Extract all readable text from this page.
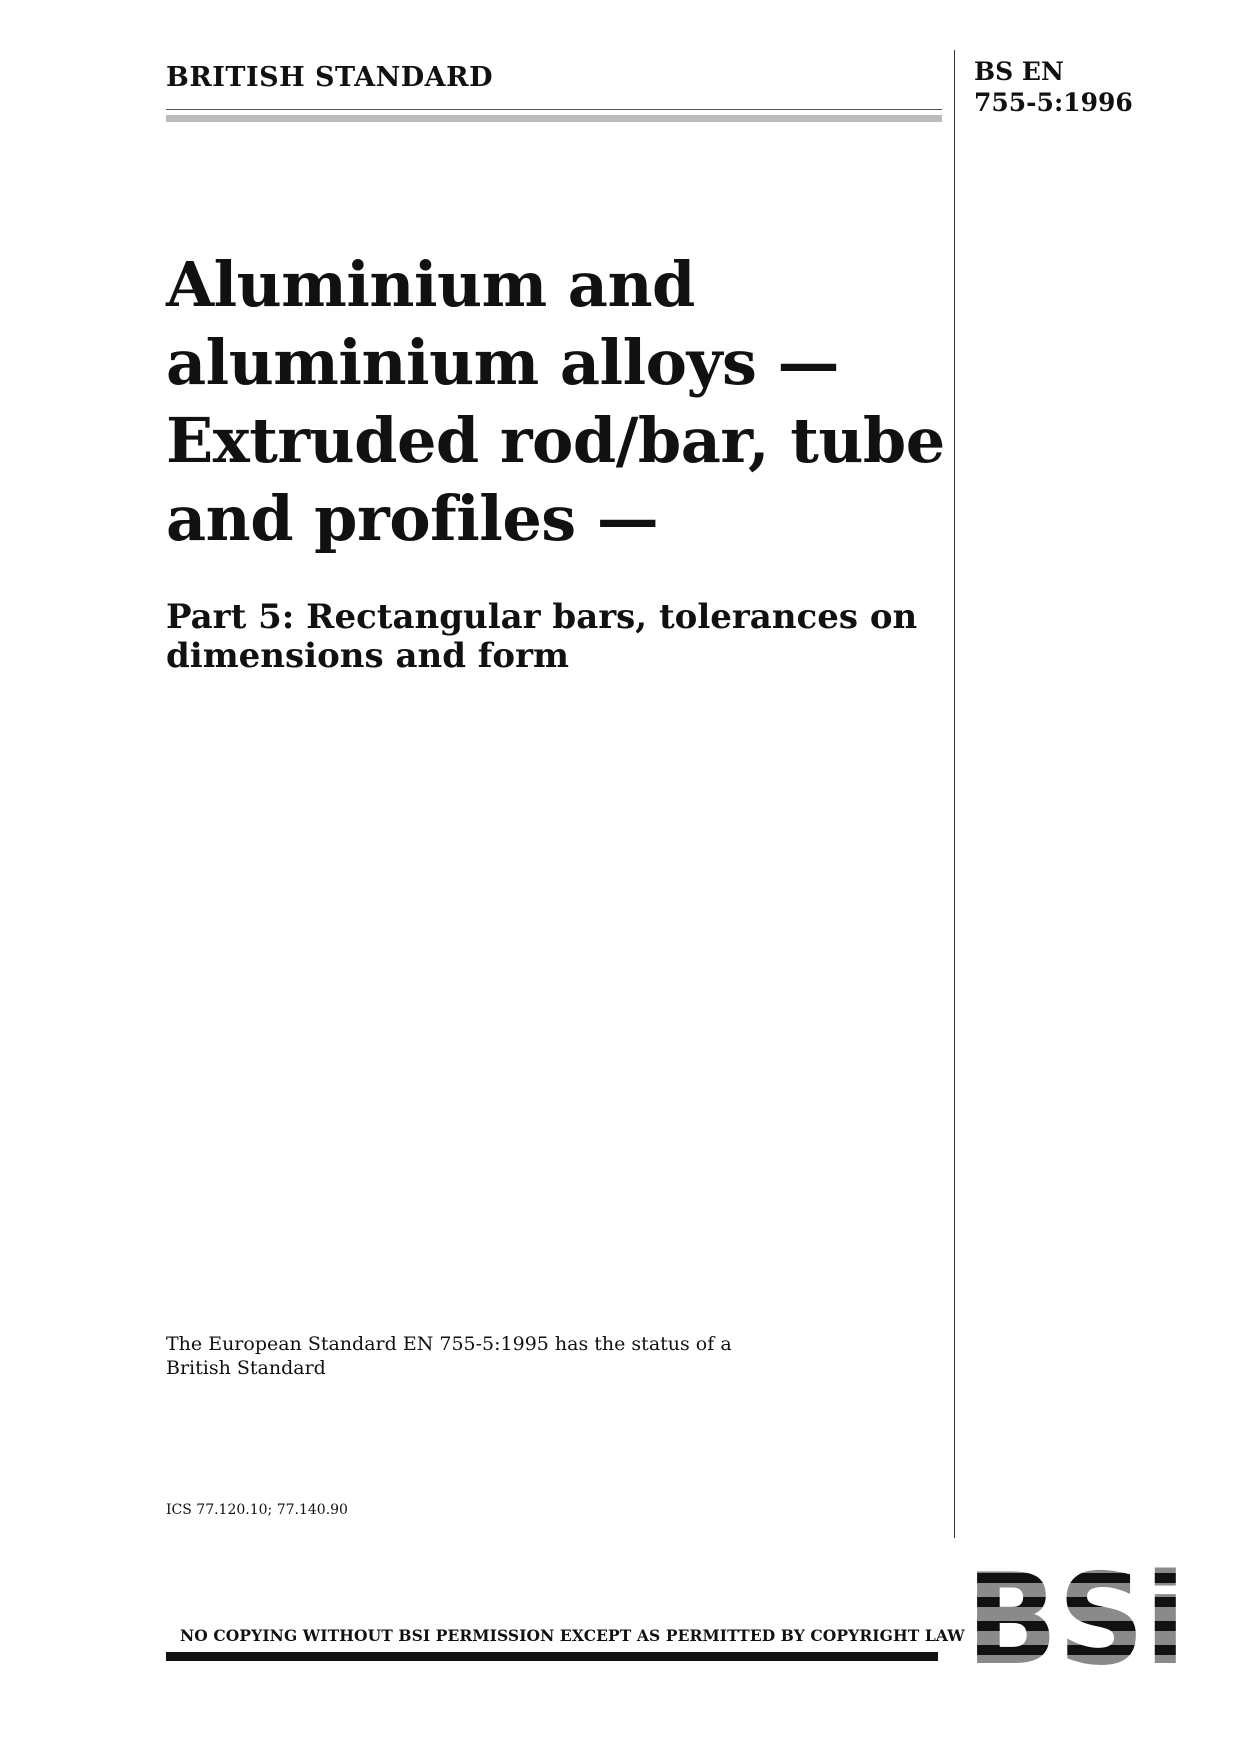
BRITISH STANDARD	BS EN
755-5:1996
Aluminium and
aluminium alloys —
Extruded rod/bar, tube
and profiles —
Part 5: Rectangular bars, tolerances on
dimensions and form
The European Standard EN 755-5:1995 has the status of a
British Standard
ICS 77.120.10; 77.140.90
NO COPYING WITHOUT BSI PERMISSION EXCEPT AS PERMITTED BY COPYRIGHT LAW
